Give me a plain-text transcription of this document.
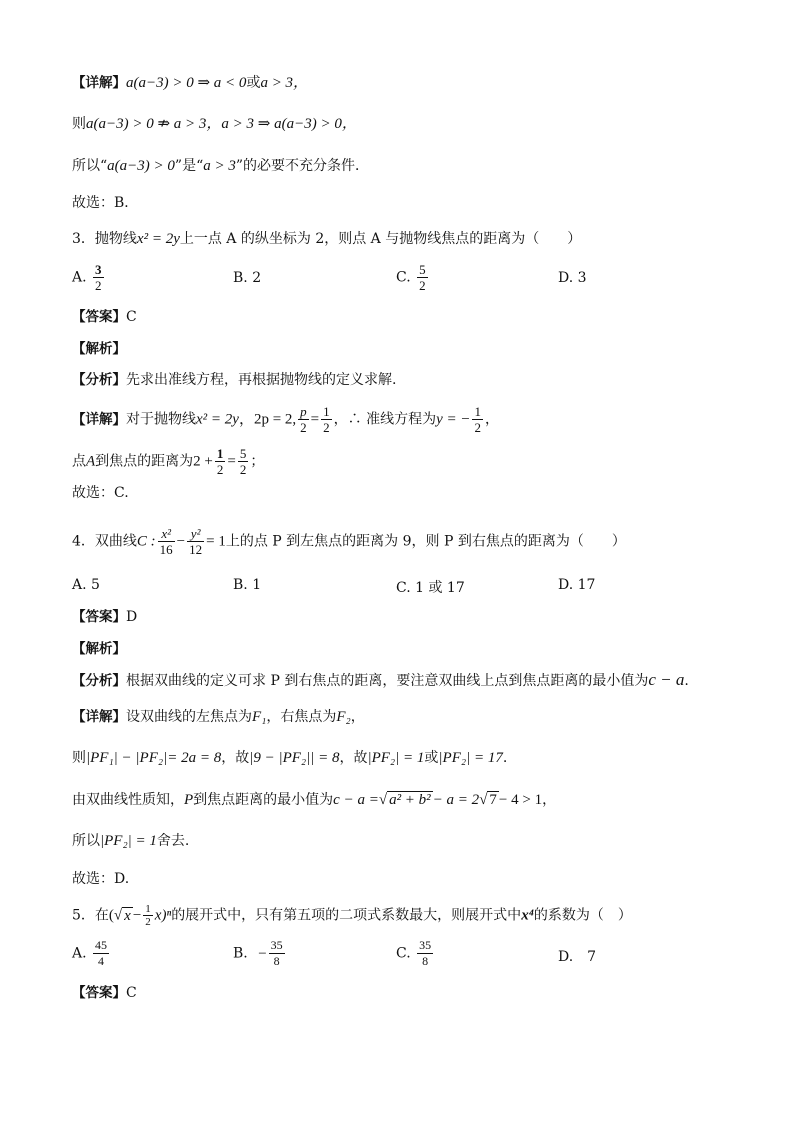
【 详解 】 a(a−3) > 0 ⇒ a < 0或a > 3，
则a(a−3) > 0 ⇏ a > 3，a > 3 ⇒ a(a−3) > 0，
所以“a(a−3) > 0”是“a > 3”的必要不充分条件．
故选：B．
3．抛物线x² = 2y上一点 A 的纵坐标为 2，则点 A 与抛物线焦点的距离为（　　）
A. $\frac{3}{2}$	B. 2	C. $\frac{5}{2}$	D. 3
【 答案 】 C
【 解析 】
【 分析 】 先求出准线方程，再根据抛物线的定义求解.
【 详解 】 对于抛物线x² = 2y，2p = 2, $\frac{p}{2} = \frac{1}{2}$ ，∴ 准线方程为y = − $\frac{1}{2}$ ，
点A到焦点的距离为$2 + \frac{1}{2} = \frac{5}{2}$ ；
故选：C.
4．双曲线C : $\frac{\text{x²}}{16} - \frac{\text{y²}}{12} = 1$上的点 P 到左焦点的距离为 9，则 P 到右焦点的距离为（　　）
A. 5	B. 1	C. 1 或 17	D. 17
【 答案 】 D
【 解析 】
【 分析 】 根据双曲线的定义可求 P 到右焦点的距离，要注意双曲线上点到焦点距离的最小值为c − a.
【 详解 】 设双曲线的左焦点为F₁，右焦点为F₂，
则|PF₁| − |PF₂|= 2a = 8，故|9 − |PF₂|| = 8，故|PF₂| = 1或|PF₂| = 17.
由双曲线性质知，P到焦点距离的最小值为c − a =√ a² + b² − a = 2√ 7 − 4 > 1，
所以|PF₂| = 1舍去.
故选：D.
5．在(√ $x - \frac{1}{2} x)^n$的展开式中，只有第五项的二项式系数最大，则展开式中x⁴的系数为（　）
A. $\frac{45}{4}$	B. − $\frac{35}{8}$	C. $\frac{35}{8}$	D.　7
【 答案 】 C
